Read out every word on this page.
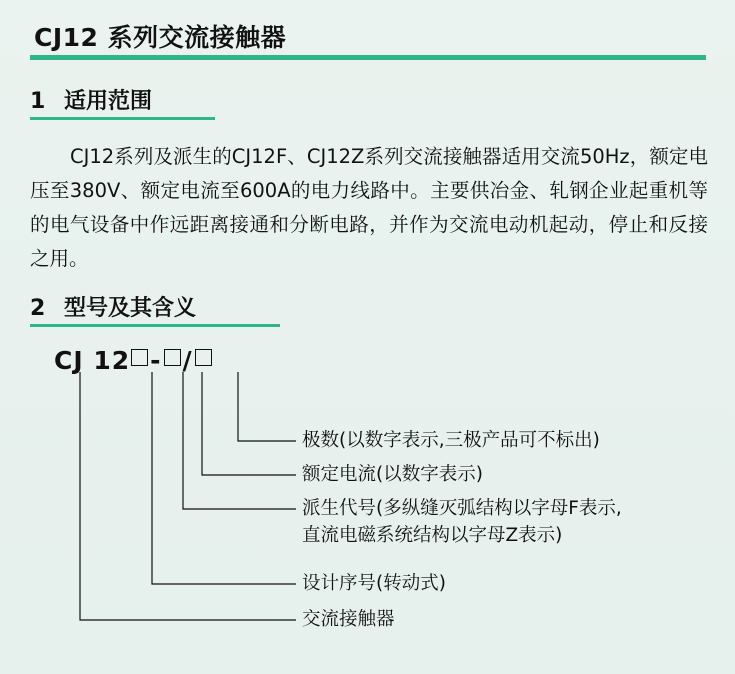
CJ12 系列交流接触器
1 适用范围
CJ12系列及派生的CJ12F、CJ12Z系列交流接触器适用交流50Hz，额定电压至380V、额定电流至600A的电力线路中。主要供冶金、轧钢企业起重机等的电气设备中作远距离接通和分断电路，并作为交流电动机起动，停止和反接之用。
2 型号及其含义
CJ 12 - /
极数(以数字表示,三极产品可不标出)
额定电流(以数字表示)
派生代号(多纵缝灭弧结构以字母F表示,
直流电磁系统结构以字母Z表示)
设计序号(转动式)
交流接触器
